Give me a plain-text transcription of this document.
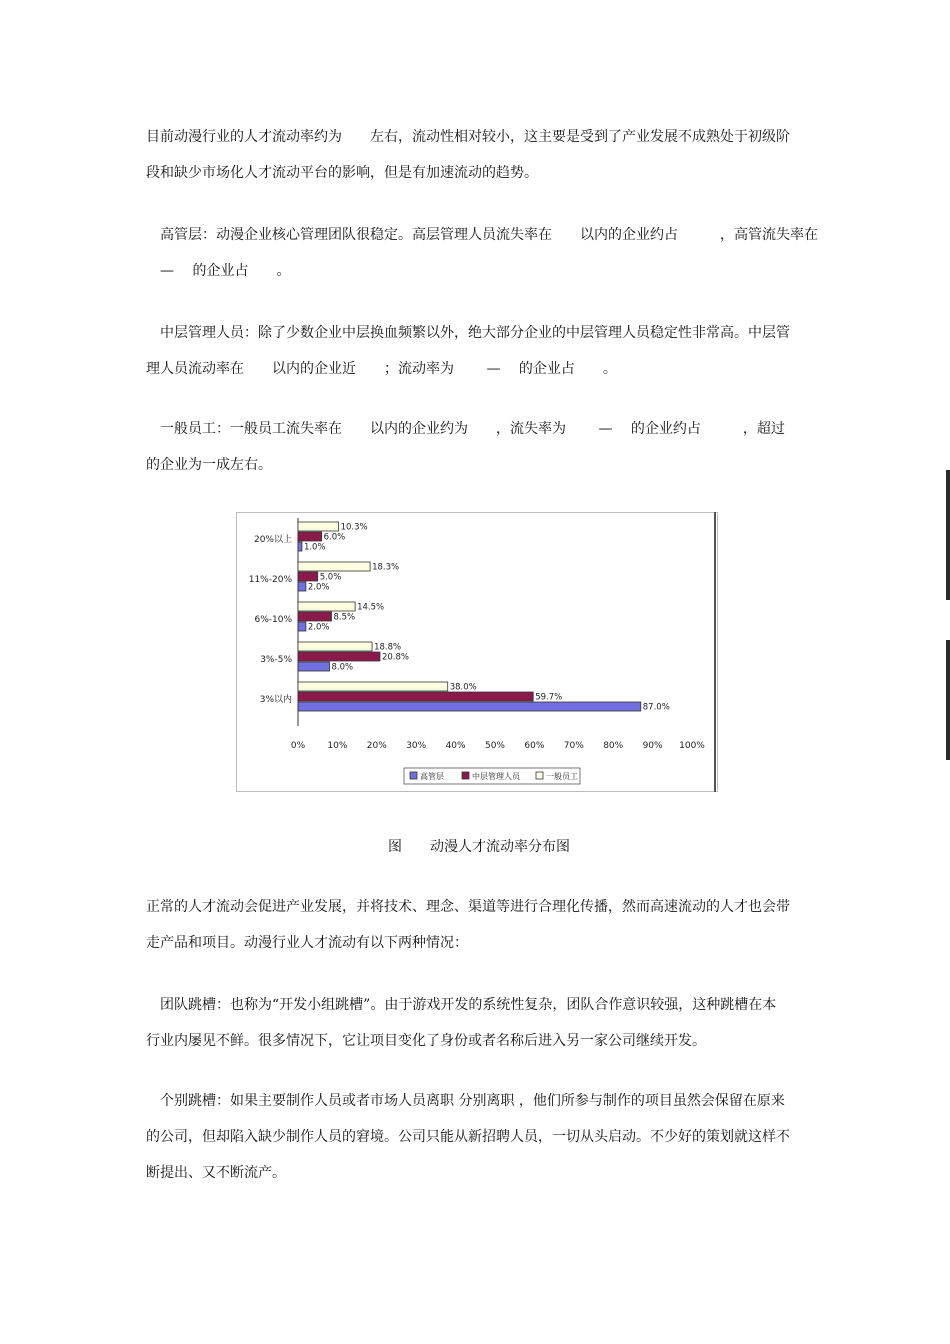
目前动漫行业的人才流动率约为　　左右，流动性相对较小，这主要是受到了产业发展不成熟处于初级阶
段和缺少市场化人才流动平台的影响，但是有加速流动的趋势。
　高管层：动漫企业核心管理团队很稳定。高层管理人员流失率在　　以内的企业约占　　　，高管流失率在
　—　 的企业占　　。
　中层管理人员：除了少数企业中层换血频繁以外，绝大部分企业的中层管理人员稳定性非常高。中层管
理人员流动率在　　以内的企业近　　；流动率为　　 —　 的企业占　　。
　一般员工：一般员工流失率在　　以内的企业约为　　，流失率为　　 —　 的企业约占　　　，超过
的企业为一成左右。
20%以上
10.3%
6.0%
1.0%
11%-20%
18.3%
5.0%
2.0%
6%-10%
14.5%
8.5%
2.0%
3%-5%
18.8%
20.8%
8.0%
3%以内
38.0%
59.7%
87.0%
0% 10% 20% 30% 40% 50% 60% 70% 80% 90% 100%
高管层	中层管理人员	一般员工
图　　动漫人才流动率分布图
正常的人才流动会促进产业发展，并将技术、理念、渠道等进行合理化传播，然而高速流动的人才也会带
走产品和项目。动漫行业人才流动有以下两种情况：
　团队跳槽：也称为“开发小组跳槽”。由于游戏开发的系统性复杂，团队合作意识较强，这种跳槽在本
行业内屡见不鲜。很多情况下，它让项目变化了身份或者名称后进入另一家公司继续开发。
　个别跳槽：如果主要制作人员或者市场人员离职 分别离职 ，他们所参与制作的项目虽然会保留在原来
的公司，但却陷入缺少制作人员的窘境。公司只能从新招聘人员，一切从头启动。不少好的策划就这样不
断提出、又不断流产。
